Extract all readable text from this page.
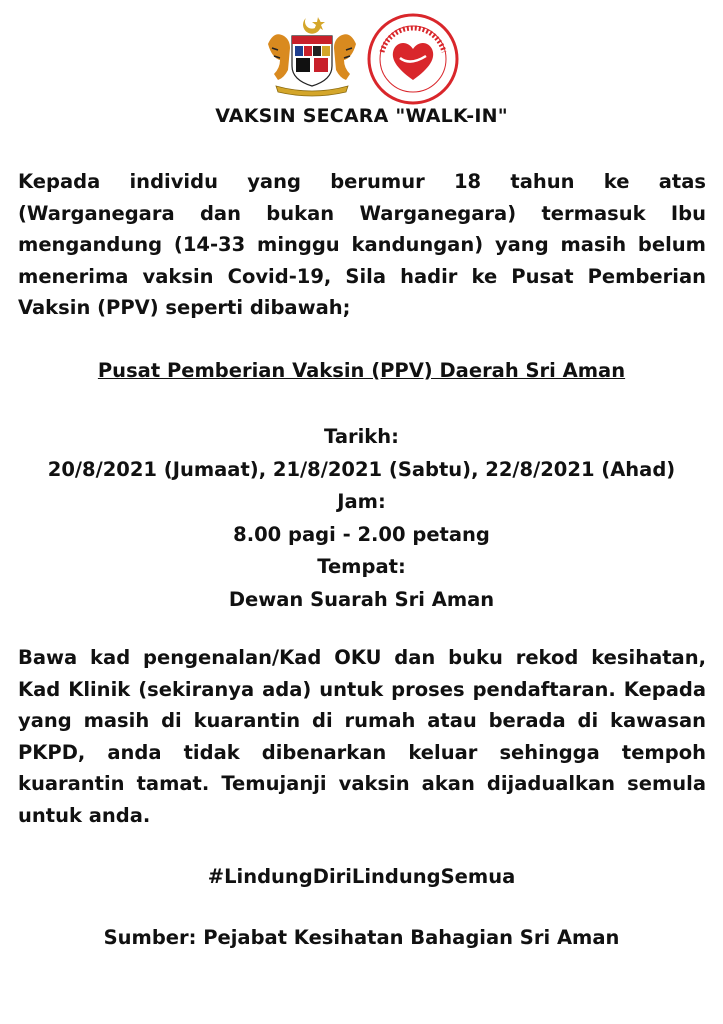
VAKSIN SECARA "WALK-IN"

Kepada individu yang berumur 18 tahun ke atas (Warganegara dan bukan Warganegara) termasuk Ibu mengandung (14-33 minggu kandungan) yang masih belum menerima vaksin Covid-19, Sila hadir ke Pusat Pemberian Vaksin (PPV) seperti dibawah;

Pusat Pemberian Vaksin (PPV) Daerah Sri Aman

Tarikh:
20/8/2021 (Jumaat), 21/8/2021 (Sabtu), 22/8/2021 (Ahad)
Jam:
8.00 pagi - 2.00 petang
Tempat:
Dewan Suarah Sri Aman

Bawa kad pengenalan/Kad OKU dan buku rekod kesihatan, Kad Klinik (sekiranya ada) untuk proses pendaftaran. Kepada yang masih di kuarantin di rumah atau berada di kawasan PKPD, anda tidak dibenarkan keluar sehingga tempoh kuarantin tamat. Temujanji vaksin akan dijadualkan semula untuk anda.

#LindungDiriLindungSemua

Sumber: Pejabat Kesihatan Bahagian Sri Aman
